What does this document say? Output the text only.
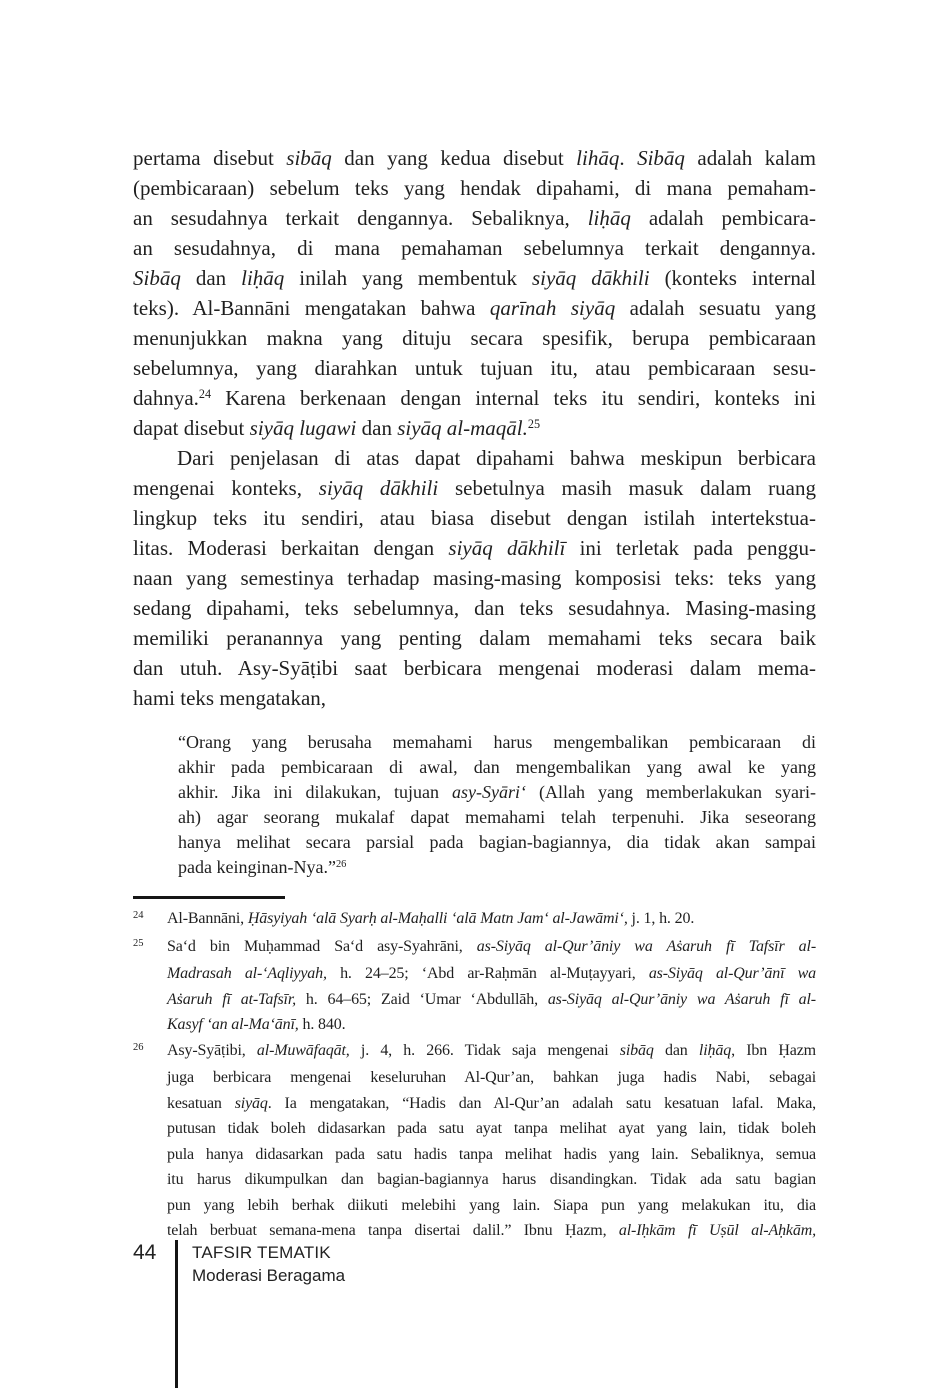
pertama disebut sibāq dan yang kedua disebut lihāq. Sibāq adalah kalam
(pembicaraan) sebelum teks yang hendak dipahami, di mana pemaham-
an sesudahnya terkait dengannya. Sebaliknya, liḥāq adalah pembicara-
an sesudahnya, di mana pemahaman sebelumnya terkait dengannya.
Sibāq dan liḥāq inilah yang membentuk siyāq dākhili (konteks internal
teks). Al-Bannāni mengatakan bahwa qarīnah siyāq adalah sesuatu yang
menunjukkan makna yang dituju secara spesifik, berupa pembicaraan
sebelumnya, yang diarahkan untuk tujuan itu, atau pembicaraan sesu-
dahnya.$^{24}$ Karena berkenaan dengan internal teks itu sendiri, konteks ini
dapat disebut siyāq lugawi dan siyāq al-maqāl.$^{25}$
Dari penjelasan di atas dapat dipahami bahwa meskipun berbicara
mengenai konteks, siyāq dākhili sebetulnya masih masuk dalam ruang
lingkup teks itu sendiri, atau biasa disebut dengan istilah intertekstua-
litas. Moderasi berkaitan dengan siyāq dākhilī ini terletak pada penggu-
naan yang semestinya terhadap masing-masing komposisi teks: teks yang
sedang dipahami, teks sebelumnya, dan teks sesudahnya. Masing-masing
memiliki peranannya yang penting dalam memahami teks secara baik
dan utuh. Asy-Syāṭibi saat berbicara mengenai moderasi dalam mema-
hami teks mengatakan,
“Orang yang berusaha memahami harus mengembalikan pembicaraan di
akhir pada pembicaraan di awal, dan mengembalikan yang awal ke yang
akhir. Jika ini dilakukan, tujuan asy-Syāri‘ (Allah yang memberlakukan syari-
ah) agar seorang mukalaf dapat memahami telah terpenuhi. Jika seseorang
hanya melihat secara parsial pada bagian-bagiannya, dia tidak akan sampai
pada keinginan-Nya.”$^{26}$
24 Al-Bannāni, Ḥāsyiyah ‘alā Syarḥ al-Maḥalli ‘alā Matn Jam‘ al-Jawāmi‘, j. 1, h. 20.
25 Sa‘d bin Muḥammad Sa‘d asy-Syahrāni, as-Siyāq al-Qur’āniy wa Aṡaruh fī Tafsīr al-
Madrasah al-‘Aqliyyah, h. 24–25; ‘Abd ar-Raḥmān al-Muṭayyari, as-Siyāq al-Qur’ānī wa
Aṡaruh fī at-Tafsīr, h. 64–65; Zaid ‘Umar ‘Abdullāh, as-Siyāq al-Qur’āniy wa Aṡaruh fī al-
Kasyf ‘an al-Ma‘ānī, h. 840.
26 Asy-Syāṭibi, al-Muwāfaqāt, j. 4, h. 266. Tidak saja mengenai sibāq dan liḥāq, Ibn Ḥazm
juga berbicara mengenai keseluruhan Al-Qur’an, bahkan juga hadis Nabi, sebagai
kesatuan siyāq. Ia mengatakan, “Hadis dan Al-Qur’an adalah satu kesatuan lafal. Maka,
putusan tidak boleh didasarkan pada satu ayat tanpa melihat ayat yang lain, tidak boleh
pula hanya didasarkan pada satu hadis tanpa melihat hadis yang lain. Sebaliknya, semua
itu harus dikumpulkan dan bagian-bagiannya harus disandingkan. Tidak ada satu bagian
pun yang lebih berhak diikuti melebihi yang lain. Siapa pun yang melakukan itu, dia
telah berbuat semana-mena tanpa disertai dalil.” Ibnu Ḥazm, al-Iḥkām fī Uṣūl al-Aḥkām,
44 TAFSIR TEMATIK
Moderasi Beragama
